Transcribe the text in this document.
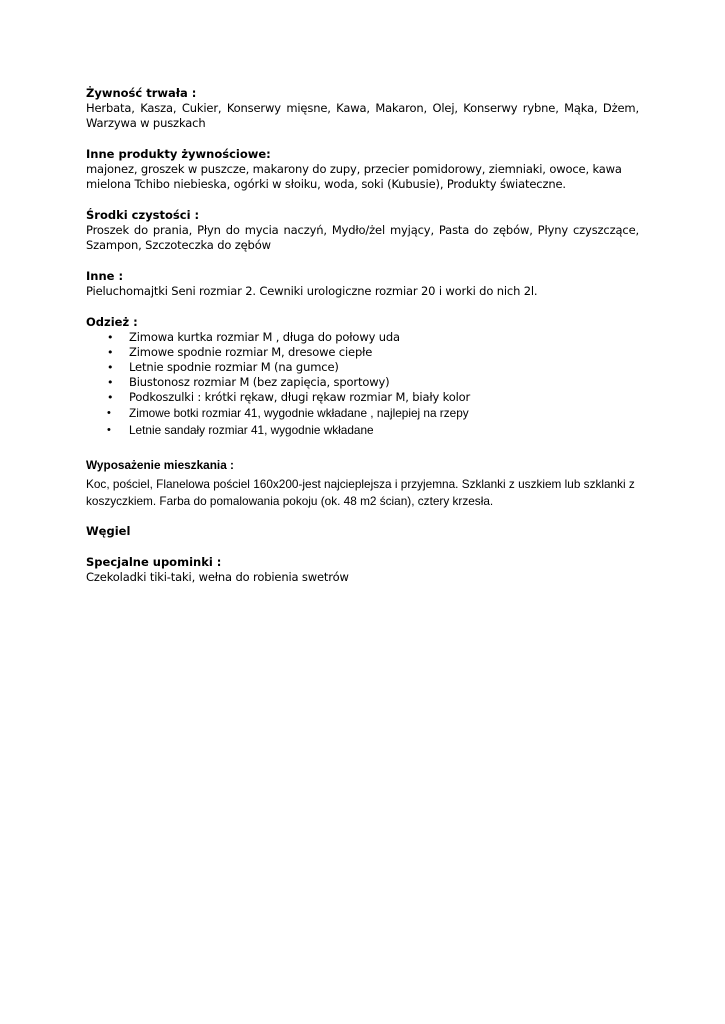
Żywność trwała :

Herbata, Kasza, Cukier, Konserwy mięsne, Kawa, Makaron, Olej, Konserwy rybne, Mąka, Dżem, Warzywa w puszkach

Inne produkty żywnościowe:

majonez, groszek w puszcze, makarony do zupy, przecier pomidorowy, ziemniaki, owoce, kawa mielona Tchibo niebieska, ogórki w słoiku, woda, soki (Kubusie), Produkty świateczne.

Środki czystości :

Proszek do prania, Płyn do mycia naczyń, Mydło/żel myjący, Pasta do zębów, Płyny czyszczące, Szampon, Szczoteczka do zębów

Inne :

Pieluchomajtki Seni rozmiar 2. Cewniki urologiczne rozmiar 20 i worki do nich 2l.

Odzież :

• Zimowa kurtka rozmiar M , długa do połowy uda
• Zimowe spodnie rozmiar M, dresowe ciepłe
• Letnie spodnie rozmiar M (na gumce)
• Biustonosz rozmiar M (bez zapięcia, sportowy)
• Podkoszulki : krótki rękaw, długi rękaw rozmiar M, biały kolor
• Zimowe botki rozmiar 41, wygodnie wkładane , najlepiej na rzepy
• Letnie sandały rozmiar 41, wygodnie wkładane

Wyposażenie mieszkania :

Koc, pościel, Flanelowa pościel 160x200-jest najcieplejsza i przyjemna. Szklanki z uszkiem lub szklanki z koszyczkiem. Farba do pomalowania pokoju (ok. 48 m2 ścian), cztery krzesła.

Węgiel

Specjalne upominki :

Czekoladki tiki-taki, wełna do robienia swetrów
